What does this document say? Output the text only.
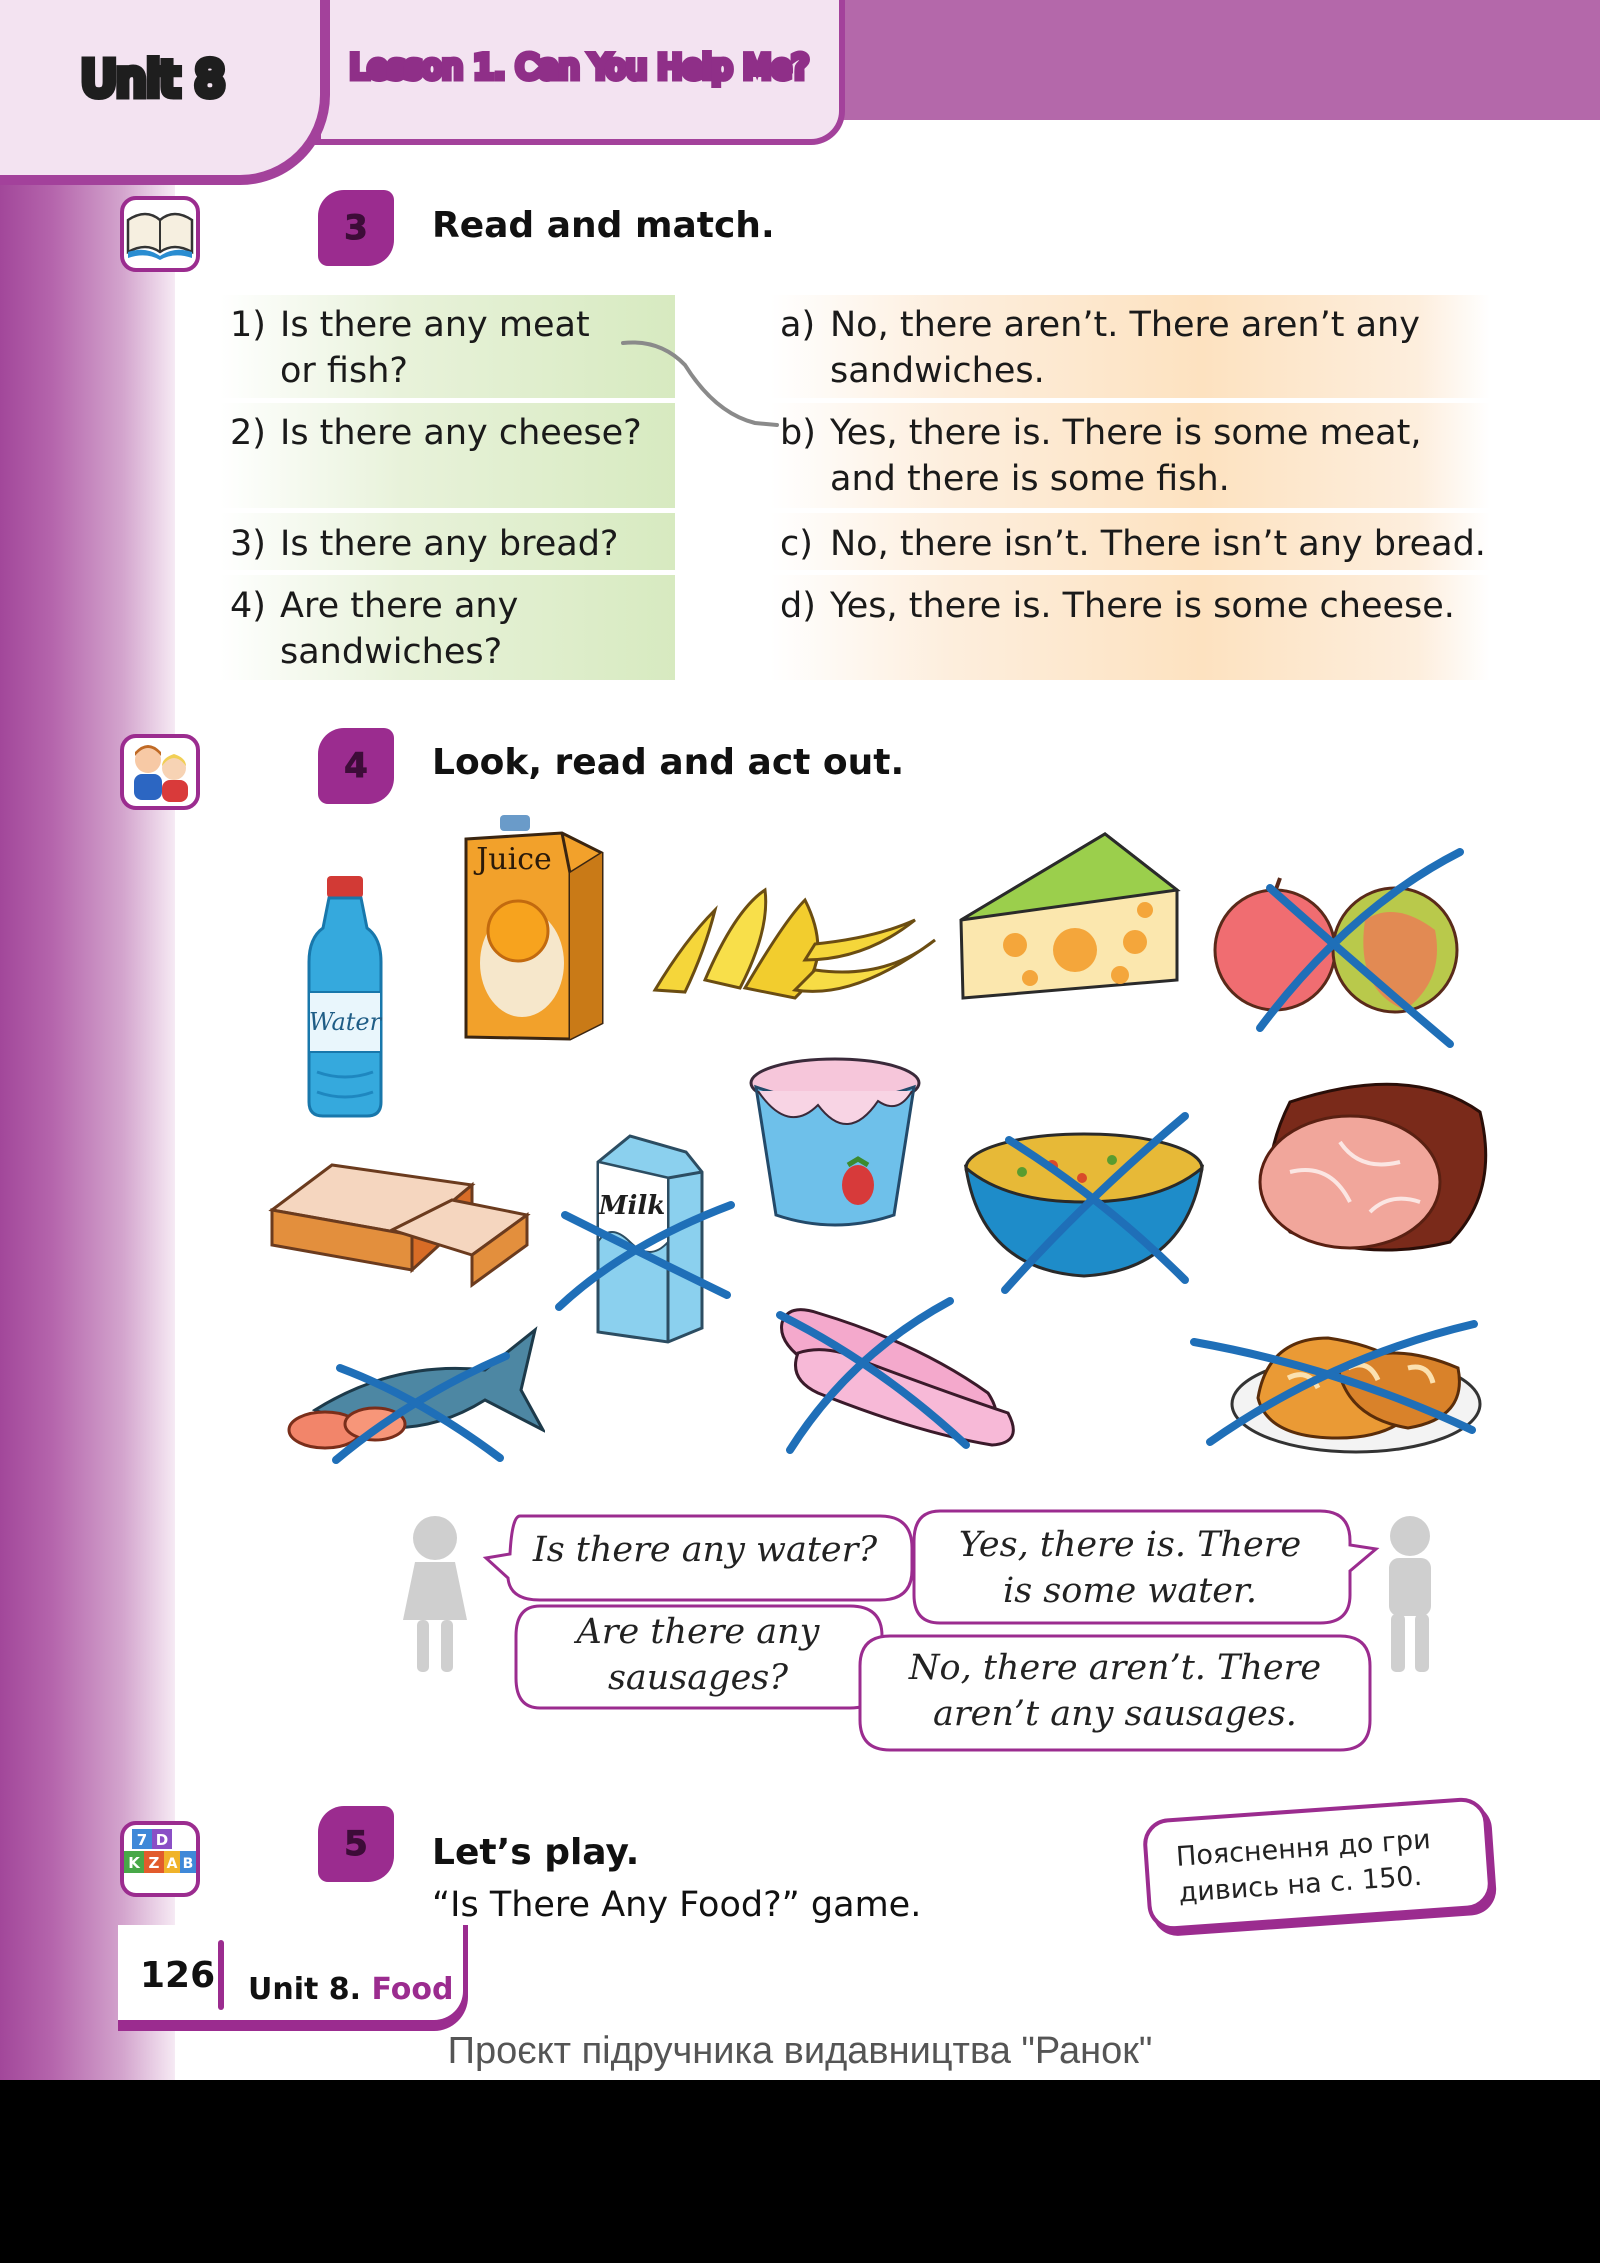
Unit 8	Lesson 1. Can You Help Me?
3	Read and match.
1) Is there any meat
or fish?
2) Is there any cheese?
3) Is there any bread?
4) Are there any
sandwiches?
a) No, there aren’t. There aren’t any
sandwiches.
b) Yes, there is. There is some meat,
and there is some fish.
c) No, there isn’t. There isn’t any bread.
d) Yes, there is. There is some cheese.
4	Look, read and act out.
Water
Juice
Milk
Is there any water?	Yes, there is. There
is some water.
Are there any
sausages?	No, there aren’t. There
aren’t any sausages.
7 D
K Z A B	5	Let’s play.
“Is There Any Food?” game.
Пояснення до гри
дивись на с. 150.
126 Unit 8. Food
Проєкт підручника видавництва "Ранок"
